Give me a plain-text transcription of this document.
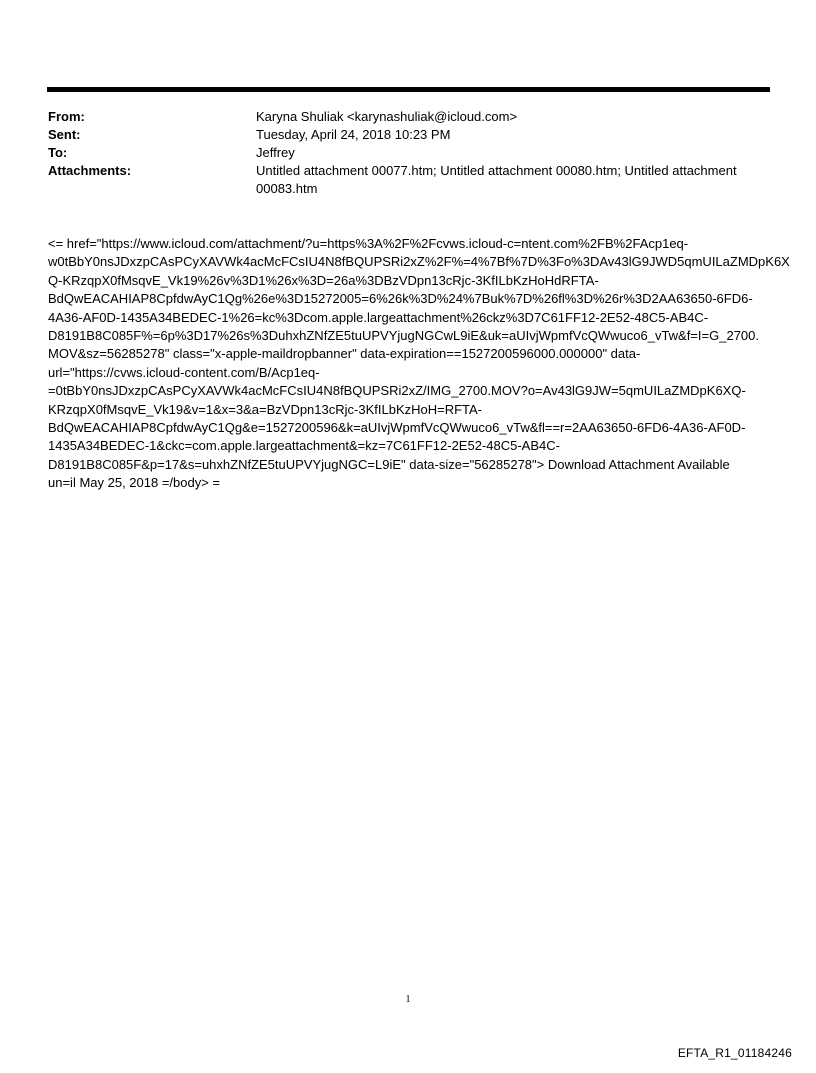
From:	Karyna Shuliak <karynashuliak@icloud.com>
Sent:	Tuesday, April 24, 2018 10:23 PM
To:	Jeffrey
Attachments:	Untitled attachment 00077.htm; Untitled attachment 00080.htm; Untitled attachment
00083.htm
<= href="https://www.icloud.com/attachment/?u=https%3A%2F%2Fcvws.icloud-c=ntent.com%2FB%2FAcp1eq-
w0tBbY0nsJDxzpCAsPCyXAVWk4acMcFCsIU4N8fBQUPSRi2xZ%2F%=4%7Bf%7D%3Fo%3DAv43lG9JWD5qmUILaZMDpK6X
Q-KRzqpX0fMsqvE_Vk19%26v%3D1%26x%3D=26a%3DBzVDpn13cRjc-3KfILbKzHoHdRFTA-
BdQwEACAHIAP8CpfdwAyC1Qg%26e%3D15272005=6%26k%3D%24%7Buk%7D%26fl%3D%26r%3D2AA63650-6FD6-
4A36-AF0D-1435A34BEDEC-1%26=kc%3Dcom.apple.largeattachment%26ckz%3D7C61FF12-2E52-48C5-AB4C-
D8191B8C085F%=6p%3D17%26s%3DuhxhZNfZE5tuUPVYjugNGCwL9iE&uk=aUIvjWpmfVcQWwuco6_vTw&f=I=G_2700.
MOV&sz=56285278" class="x-apple-maildropbanner" data-expiration==1527200596000.000000" data-
url="https://cvws.icloud-content.com/B/Acp1eq-
=0tBbY0nsJDxzpCAsPCyXAVWk4acMcFCsIU4N8fBQUPSRi2xZ/IMG_2700.MOV?o=Av43lG9JW=5qmUILaZMDpK6XQ-
KRzqpX0fMsqvE_Vk19&v=1&x=3&a=BzVDpn13cRjc-3KfILbKzHoH=RFTA-
BdQwEACAHIAP8CpfdwAyC1Qg&e=1527200596&k=aUIvjWpmfVcQWwuco6_vTw&fl==r=2AA63650-6FD6-4A36-AF0D-
1435A34BEDEC-1&ckc=com.apple.largeattachment&=kz=7C61FF12-2E52-48C5-AB4C-
D8191B8C085F&p=17&s=uhxhZNfZE5tuUPVYjugNGC=L9iE" data-size="56285278"> Download Attachment Available
un=il May 25, 2018 =/body> =
1
EFTA_R1_01184246
